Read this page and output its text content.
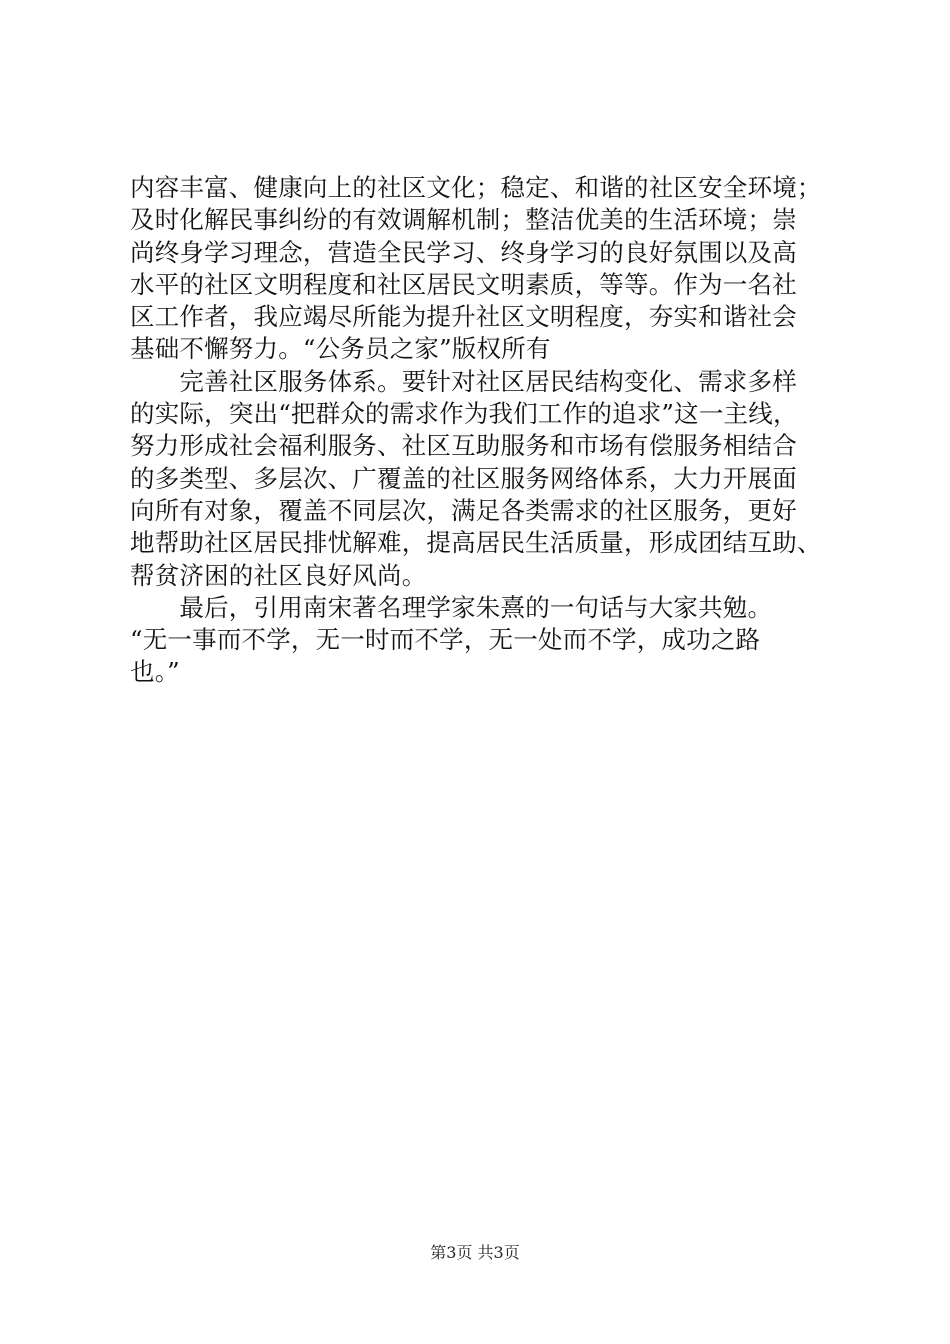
内容丰富、健康向上的社区文化；稳定、和谐的社区安全环境；
及时化解民事纠纷的有效调解机制；整洁优美的生活环境；崇
尚终身学习理念，营造全民学习、终身学习的良好氛围以及高
水平的社区文明程度和社区居民文明素质，等等。作为一名社
区工作者，我应竭尽所能为提升社区文明程度，夯实和谐社会
基础不懈努力。“公务员之家”版权所有
　　完善社区服务体系。要针对社区居民结构变化、需求多样
的实际，突出“把群众的需求作为我们工作的追求”这一主线，
努力形成社会福利服务、社区互助服务和市场有偿服务相结合
的多类型、多层次、广覆盖的社区服务网络体系，大力开展面
向所有对象，覆盖不同层次，满足各类需求的社区服务，更好
地帮助社区居民排忧解难，提高居民生活质量，形成团结互助、
帮贫济困的社区良好风尚。
　　最后，引用南宋著名理学家朱熹的一句话与大家共勉。
“无一事而不学，无一时而不学，无一处而不学，成功之路
也。”
第3页 共3页
